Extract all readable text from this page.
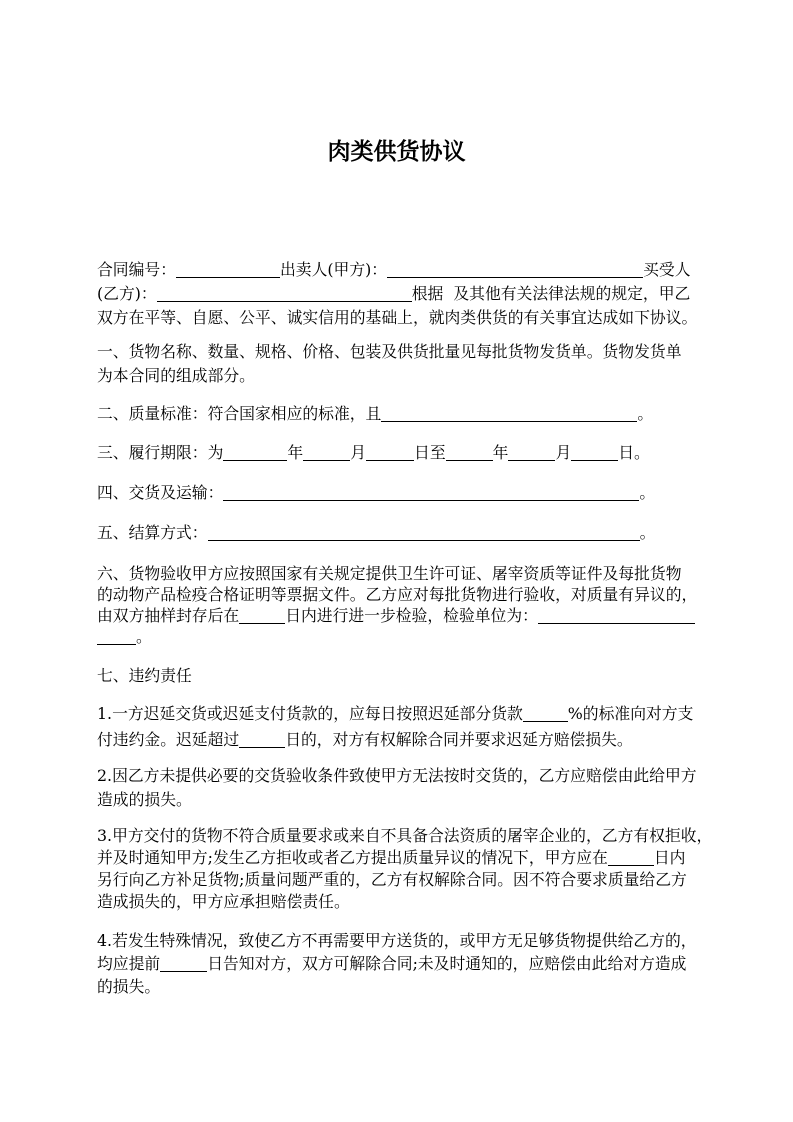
肉类供货协议
合同编号：	出卖人(甲方)：	买受人
(乙方)：	根据  及其他有关法律法规的规定，甲乙
双方在平等、自愿、公平、诚实信用的基础上，就肉类供货的有关事宜达成如下协议。
一、货物名称、数量、规格、价格、包装及供货批量见每批货物发货单。货物发货单
为本合同的组成部分。
二、质量标准：符合国家相应的标准，且	。
三、履行期限：为	年	月	日至	年	月	日。
四、交货及运输：	。
五、结算方式：	。
六、货物验收甲方应按照国家有关规定提供卫生许可证、屠宰资质等证件及每批货物
的动物产品检疫合格证明等票据文件。乙方应对每批货物进行验收，对质量有异议的，
由双方抽样封存后在	日内进行进一步检验，检验单位为：
。
七、违约责任
1.一方迟延交货或迟延支付货款的，应每日按照迟延部分货款	%的标准向对方支
付违约金。迟延超过	日的，对方有权解除合同并要求迟延方赔偿损失。
2.因乙方未提供必要的交货验收条件致使甲方无法按时交货的，乙方应赔偿由此给甲方
造成的损失。
3.甲方交付的货物不符合质量要求或来自不具备合法资质的屠宰企业的，乙方有权拒收，
并及时通知甲方;发生乙方拒收或者乙方提出质量异议的情况下，甲方应在	日内
另行向乙方补足货物;质量问题严重的，乙方有权解除合同。因不符合要求质量给乙方
造成损失的，甲方应承担赔偿责任。
4.若发生特殊情况，致使乙方不再需要甲方送货的，或甲方无足够货物提供给乙方的，
均应提前	日告知对方，双方可解除合同;未及时通知的，应赔偿由此给对方造成
的损失。
